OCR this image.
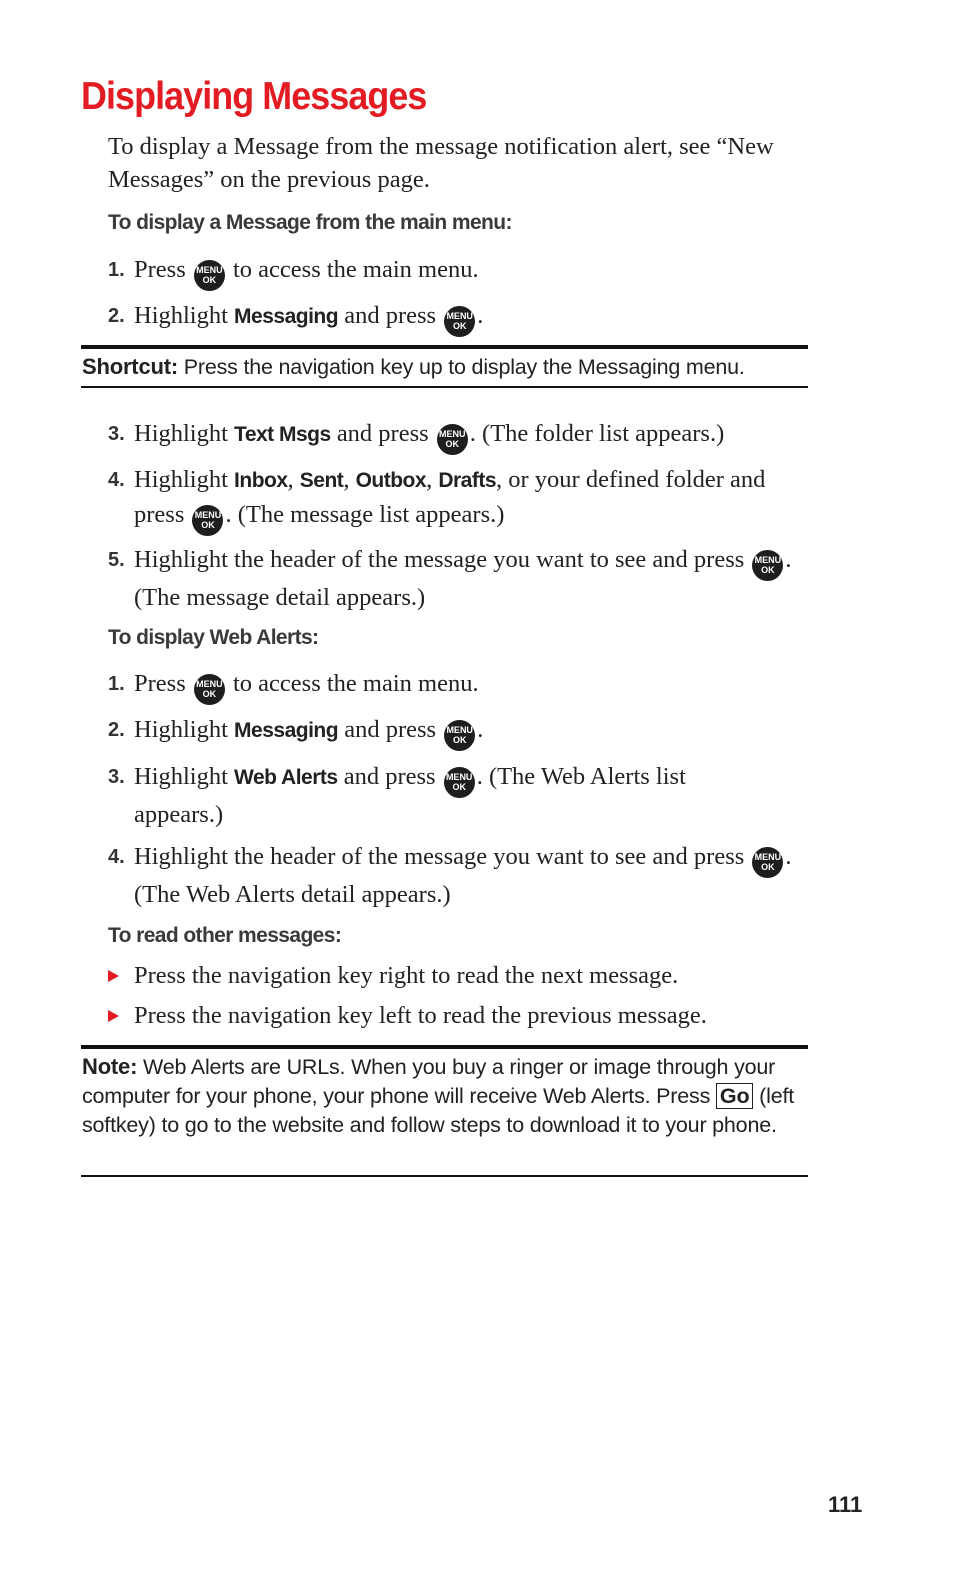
Displaying Messages

To display a Message from the message notification alert, see “New Messages” on the previous page.

To display a Message from the main menu:
1. Press MENU
OK to access the main menu.
2. Highlight Messaging and press MENU
OK .
Shortcut: Press the navigation key up to display the Messaging menu.
3. Highlight Text Msgs and press MENU
OK . (The folder list appears.)
4. Highlight Inbox, Sent, Outbox, Drafts, or your defined folder and press MENU
OK . (The message list appears.)
5. Highlight the header of the message you want to see and press MENU
OK . (The message detail appears.)
To display Web Alerts:
1. Press MENU
OK to access the main menu.
2. Highlight Messaging and press MENU
OK .
3. Highlight Web Alerts and press MENU
OK . (The Web Alerts list appears.)
4. Highlight the header of the message you want to see and press MENU
OK . (The Web Alerts detail appears.)
To read other messages:
Press the navigation key right to read the next message.
Press the navigation key left to read the previous message.
Note: Web Alerts are URLs. When you buy a ringer or image through your computer for your phone, your phone will receive Web Alerts. Press Go (left softkey) to go to the website and follow steps to download it to your phone.
111
